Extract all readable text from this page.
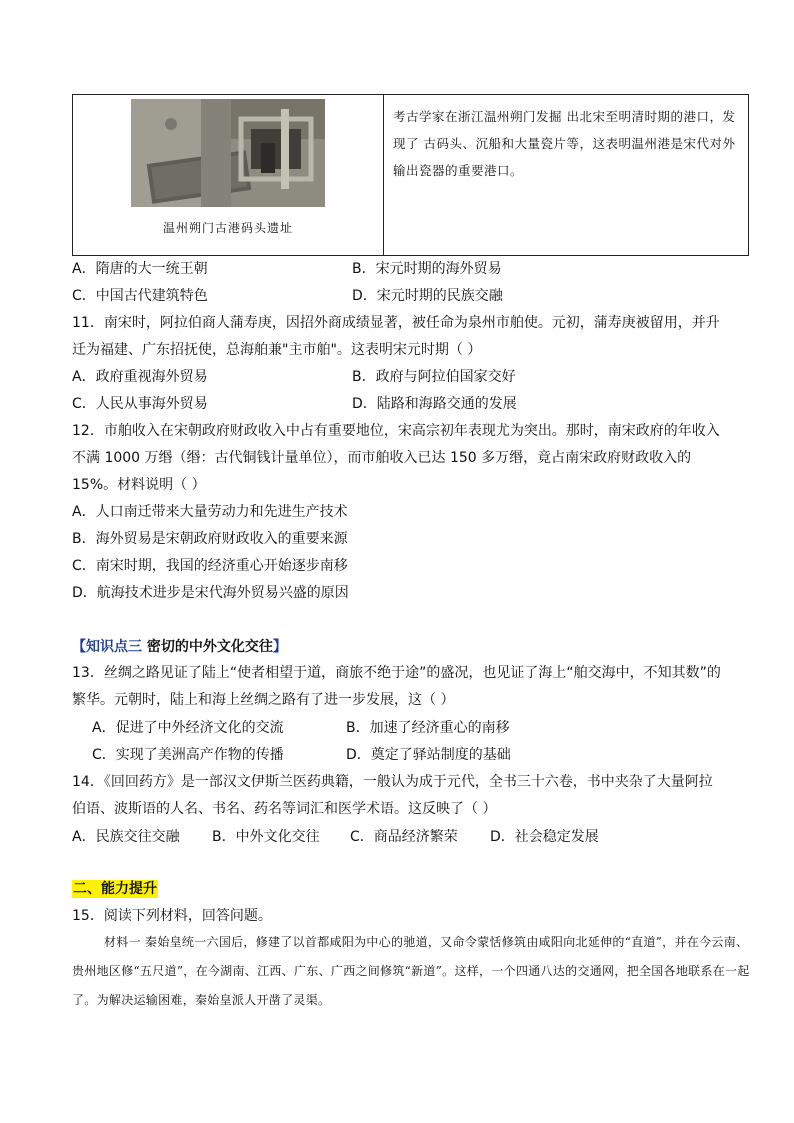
温州朔门古港码头遗址

考古学家在浙江温州朔门发掘 出北宋至明清时期的港口，发现了 古码头、沉船和大量瓷片等，这表明温州港是宋代对外输出瓷器的重要港口。

A．隋唐的大一统王朝	B．宋元时期的海外贸易
C．中国古代建筑特色	D．宋元时期的民族交融
11．南宋时，阿拉伯商人蒲寿庚，因招外商成绩显著，被任命为泉州市舶使。元初，蒲寿庚被留用，并升
迁为福建、广东招抚使，总海舶兼"主市舶"。这表明宋元时期（ ）
A．政府重视海外贸易	B．政府与阿拉伯国家交好
C．人民从事海外贸易	D．陆路和海路交通的发展
12．市舶收入在宋朝政府财政收入中占有重要地位，宋高宗初年表现尤为突出。那时，南宋政府的年收入
不满 1000 万缗（缗：古代铜钱计量单位），而市舶收入已达 150 多万缗，竟占南宋政府财政收入的
15%。材料说明（ ）
A．人口南迁带来大量劳动力和先进生产技术
B．海外贸易是宋朝政府财政收入的重要来源
C．南宋时期，我国的经济重心开始逐步南移
D．航海技术进步是宋代海外贸易兴盛的原因
【知识点三 密切的中外文化交往】
13．丝绸之路见证了陆上“使者相望于道，商旅不绝于途”的盛况，也见证了海上“舶交海中，不知其数”的
繁华。元朝时，陆上和海上丝绸之路有了进一步发展，这（ ）
A．促进了中外经济文化的交流	B．加速了经济重心的南移
C．实现了美洲高产作物的传播	D．奠定了驿站制度的基础
14．《回回药方》是一部汉文伊斯兰医药典籍，一般认为成于元代，全书三十六卷，书中夹杂了大量阿拉
伯语、波斯语的人名、书名、药名等词汇和医学术语。这反映了（ ）
A．民族交往交融 B．中外文化交往 C．商品经济繁荣 D．社会稳定发展
二、能力提升
15．阅读下列材料，回答问题。

材料一 秦始皇统一六国后，修建了以首都咸阳为中心的驰道，又命令蒙恬修筑由咸阳向北延伸的“直道”，并在今云南、贵州地区修“五尺道”，在今湖南、江西、广东、广西之间修筑“新道”。这样，一个四通八达的交通网，把全国各地联系在一起了。为解决运输困难，秦始皇派人开凿了灵渠。
